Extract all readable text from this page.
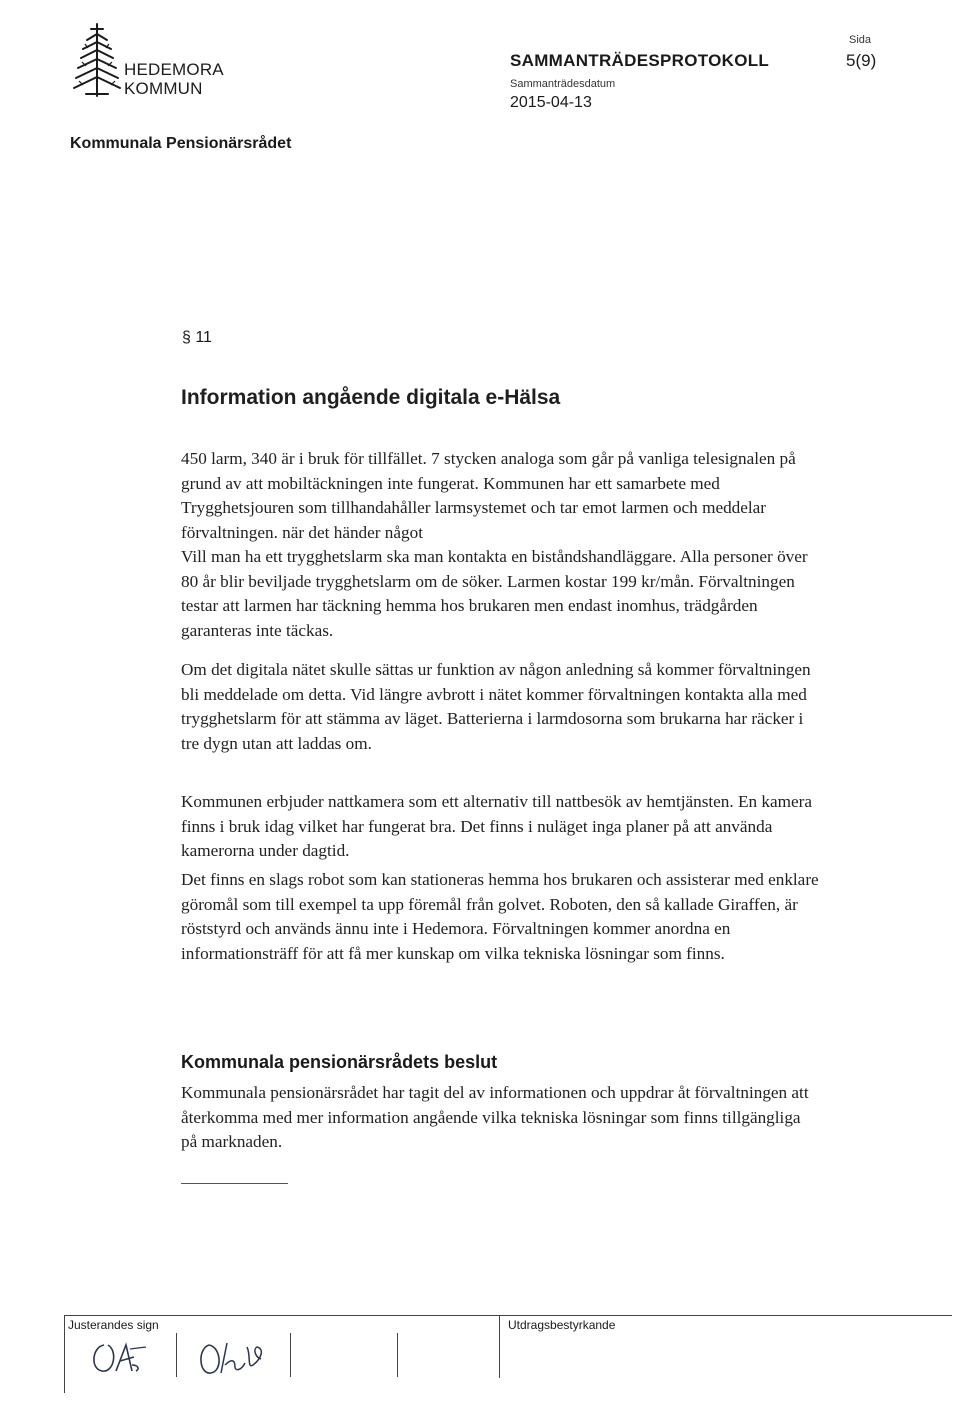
HEDEMORA
KOMMUN
SAMMANTRÄDESPROTOKOLL
Sammanträdesdatum
2015-04-13
Sida
5(9)
Kommunala Pensionärsrådet
§ 11
Information angående digitala e-Hälsa

450 larm, 340 är i bruk för tillfället. 7 stycken analoga som går på vanliga telesignalen på grund av att mobiltäckningen inte fungerat. Kommunen har ett samarbete med Trygghetsjouren som tillhandahåller larmsystemet och tar emot larmen och meddelar förvaltningen. när det händer något

Vill man ha ett trygghetslarm ska man kontakta en biståndshandläggare. Alla personer över 80 år blir beviljade trygghetslarm om de söker. Larmen kostar 199 kr/mån. Förvaltningen testar att larmen har täckning hemma hos brukaren men endast inomhus, trädgården garanteras inte täckas.

Om det digitala nätet skulle sättas ur funktion av någon anledning så kommer förvaltningen bli meddelade om detta. Vid längre avbrott i nätet kommer förvaltningen kontakta alla med trygghetslarm för att stämma av läget. Batterierna i larmdosorna som brukarna har räcker i tre dygn utan att laddas om.

Kommunen erbjuder nattkamera som ett alternativ till nattbesök av hemtjänsten. En kamera finns i bruk idag vilket har fungerat bra. Det finns i nuläget inga planer på att använda kamerorna under dagtid.

Det finns en slags robot som kan stationeras hemma hos brukaren och assisterar med enklare göromål som till exempel ta upp föremål från golvet. Roboten, den så kallade Giraffen, är röststyrd och används ännu inte i Hedemora. Förvaltningen kommer anordna en informationsträff för att få mer kunskap om vilka tekniska lösningar som finns.

Kommunala pensionärsrådets beslut

Kommunala pensionärsrådet har tagit del av informationen och uppdrar åt förvaltningen att återkomma med mer information angående vilka tekniska lösningar som finns tillgängliga på marknaden.

Justerandes sign	Utdragsbestyrkande
